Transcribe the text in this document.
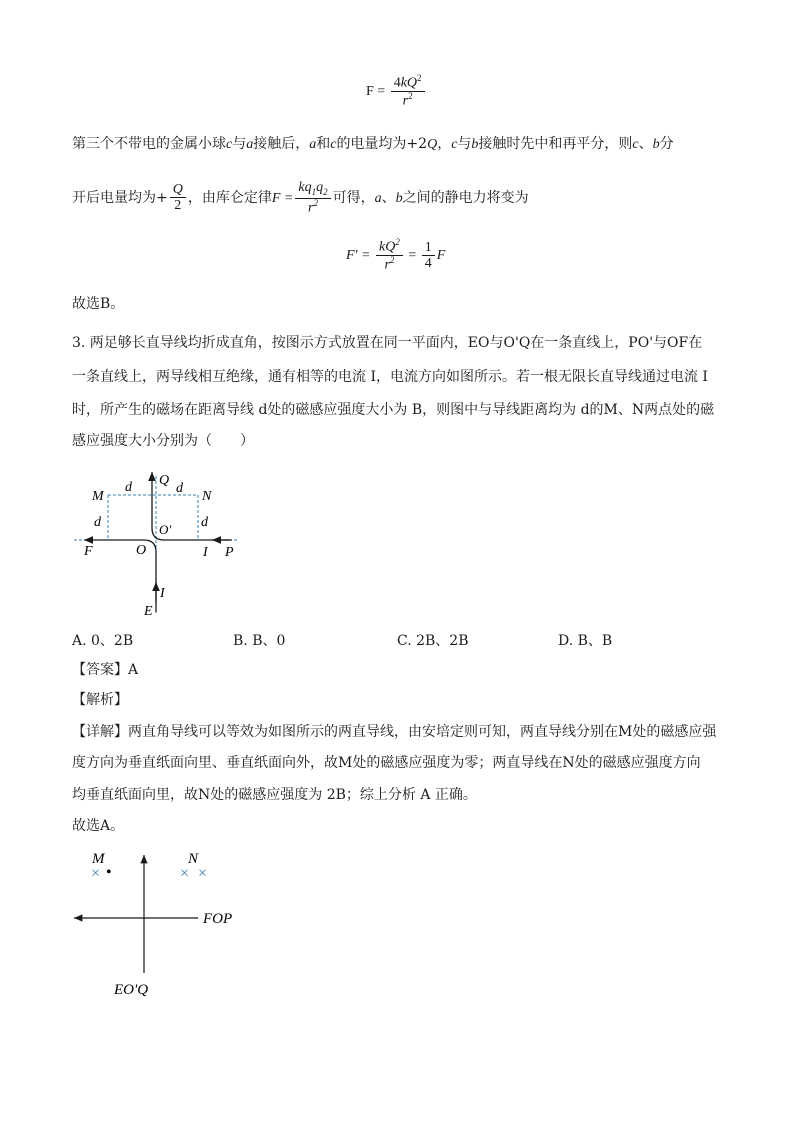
$F = \frac{4kQ^2}{r^2}$
第三个不带电的金属小球c与a接触后，a和c的电量均为+2Q，c与b接触时先中和再平分，则c、b分
开后电量均为+ $\frac{Q}{2}$ ，由库仑定律$F = \frac{kq_1q_2}{r^2}$ 可得，a、b之间的静电力将变为
$F' = \frac{kQ^2}{r^2} = \frac{1}{4}$ F
故选B。
3. 两足够长直导线均折成直角，按图示方式放置在同一平面内，EO与O'Q在一条直线上，PO'与OF在
一条直线上，两导线相互绝缘，通有相等的电流 I，电流方向如图所示。若一根无限长直导线通过电流 I
时，所产生的磁场在距离导线 d处的磁感应强度大小为 B，则图中与导线距离均为 d的M、N两点处的磁
感应强度大小分别为（　　）
M	N
Q
d	d
d	d
O′
O
F	I P
I
E
A. 0、2B	B. B、0	C. 2B、2B	D. B、B
【答案】A
【解析】
【详解】两直角导线可以等效为如图所示的两直导线，由安培定则可知，两直导线分别在M处的磁感应强
度方向为垂直纸面向里、垂直纸面向外，故M处的磁感应强度为零；两直导线在N处的磁感应强度方向
均垂直纸面向里，故N处的磁感应强度为 2B；综上分析 A 正确。
故选A。
M	N
× •	× ×
FOP
EO'Q
